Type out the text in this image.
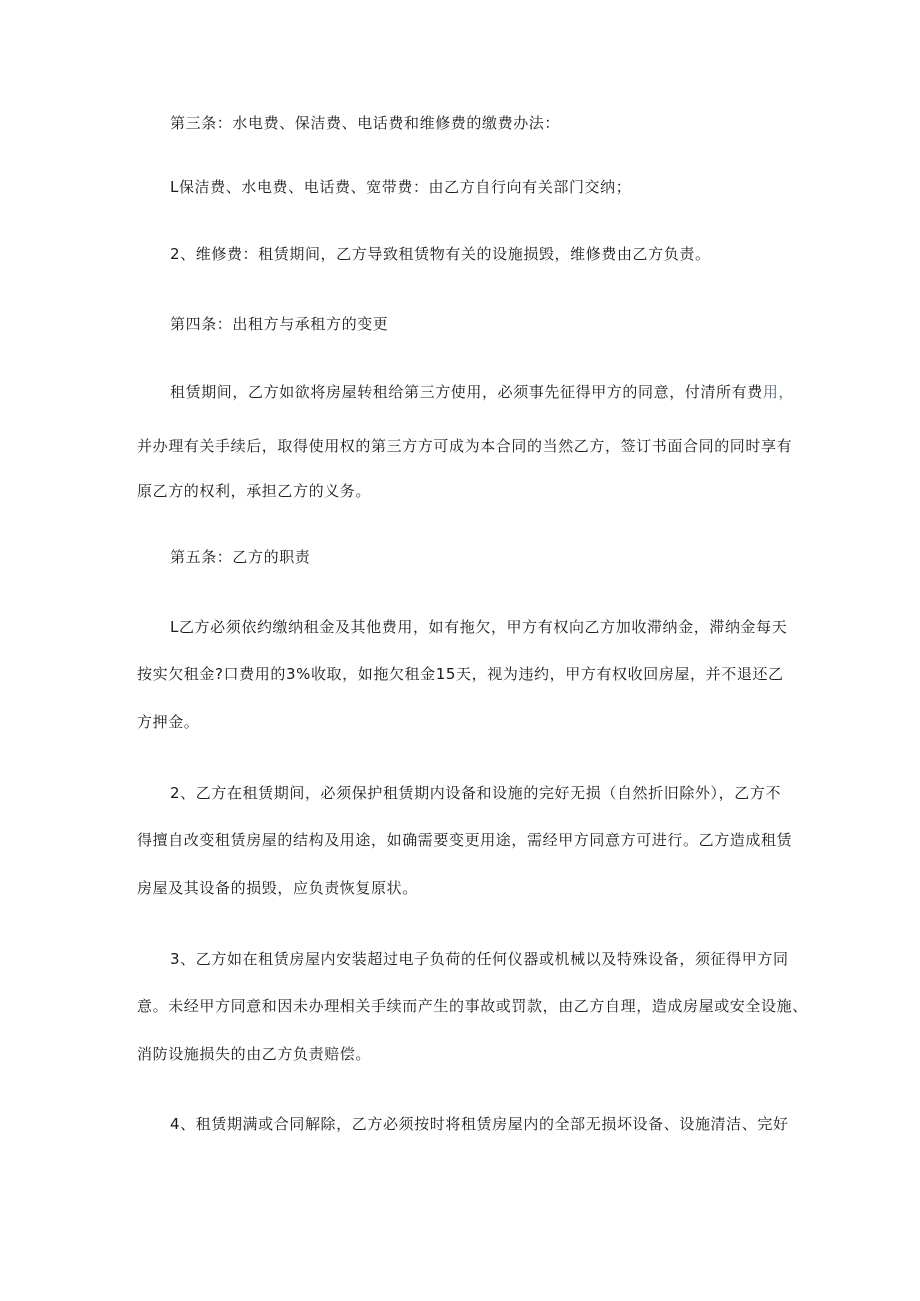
第三条：水电费、保洁费、电话费和维修费的缴费办法：

L保洁费、水电费、电话费、宽带费：由乙方自行向有关部门交纳；

2、维修费：租赁期间，乙方导致租赁物有关的设施损毁，维修费由乙方负责。

第四条：出租方与承租方的变更

租赁期间，乙方如欲将房屋转租给第三方使用，必须事先征得甲方的同意，付清所有费用，

并办理有关手续后，取得使用权的第三方方可成为本合同的当然乙方，签订书面合同的同时享有

原乙方的权利，承担乙方的义务。

第五条：乙方的职责

L乙方必须依约缴纳租金及其他费用，如有拖欠，甲方有权向乙方加收滞纳金，滞纳金每天

按实欠租金?口费用的3%收取，如拖欠租金15天，视为违约，甲方有权收回房屋，并不退还乙

方押金。

2、乙方在租赁期间，必须保护租赁期内设备和设施的完好无损（自然折旧除外），乙方不

得擅自改变租赁房屋的结构及用途，如确需要变更用途，需经甲方同意方可进行。乙方造成租赁

房屋及其设备的损毁，应负责恢复原状。

3、乙方如在租赁房屋内安装超过电子负荷的任何仪器或机械以及特殊设备，须征得甲方同

意。未经甲方同意和因未办理相关手续而产生的事故或罚款，由乙方自理，造成房屋或安全设施、

消防设施损失的由乙方负责赔偿。

4、租赁期满或合同解除，乙方必须按时将租赁房屋内的全部无损坏设备、设施清洁、完好
